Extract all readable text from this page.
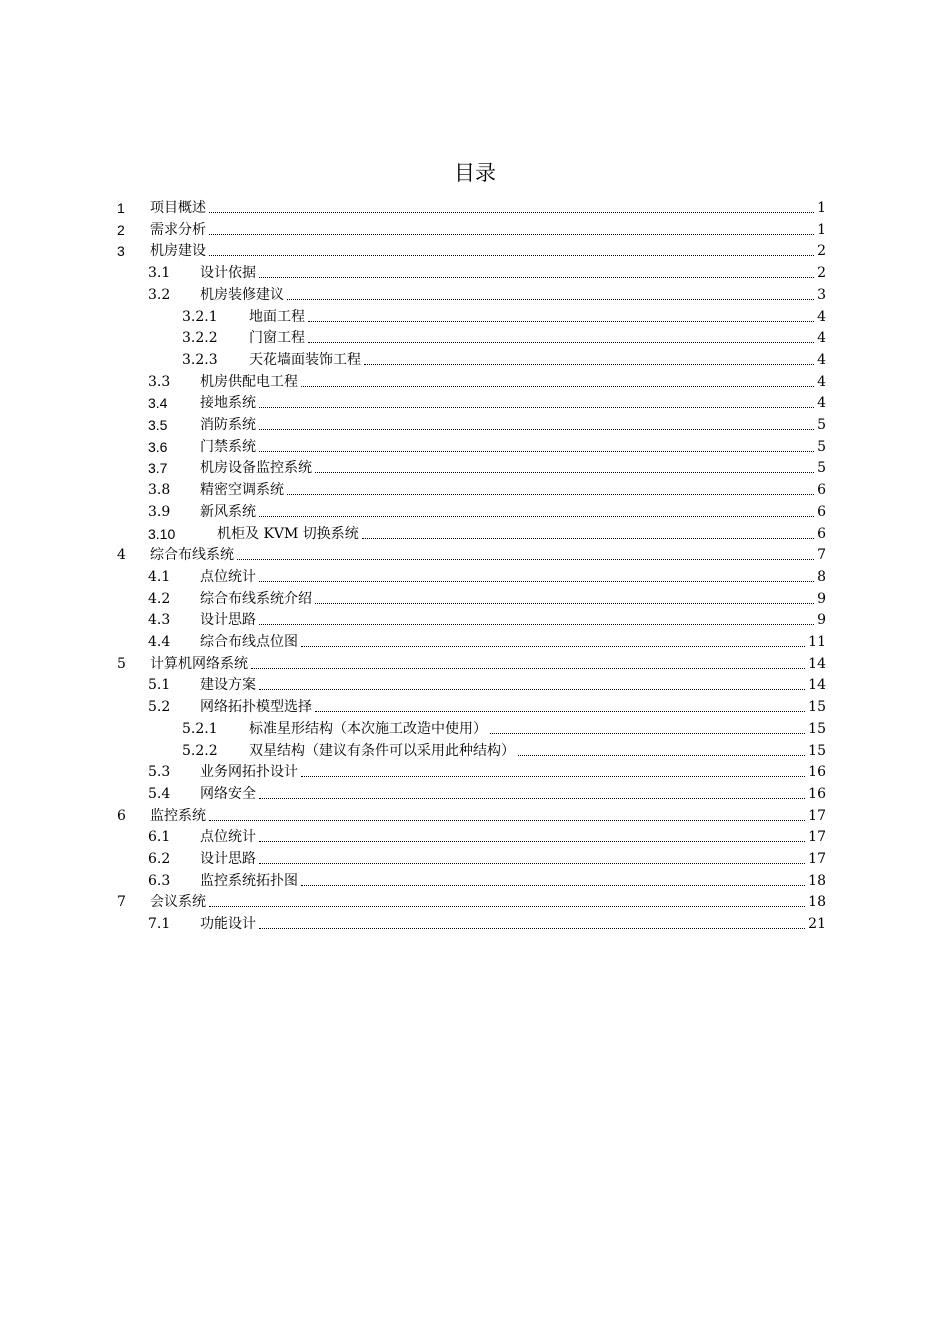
目录
1 项目概述	1
2 需求分析	1
3 机房建设	2
3.1 设计依据	2
3.2 机房装修建议	3
3.2.1 地面工程	4
3.2.2 门窗工程	4
3.2.3 天花墙面装饰工程	4
3.3 机房供配电工程	4
3.4 接地系统	4
3.5 消防系统	5
3.6 门禁系统	5
3.7 机房设备监控系统	5
3.8 精密空调系统	6
3.9 新风系统	6
3.10	机柜及 KVM 切换系统	6
4 综合布线系统	7
4.1 点位统计	8
4.2 综合布线系统介绍	9
4.3 设计思路	9
4.4 综合布线点位图	11
5 计算机网络系统	14
5.1 建设方案	14
5.2 网络拓扑模型选择	15
5.2.1 标准星形结构（本次施工改造中使用）	15
5.2.2 双星结构（建议有条件可以采用此种结构）	15
5.3 业务网拓扑设计	16
5.4 网络安全	16
6 监控系统	17
6.1 点位统计	17
6.2 设计思路	17
6.3 监控系统拓扑图	18
7 会议系统	18
7.1 功能设计	21
